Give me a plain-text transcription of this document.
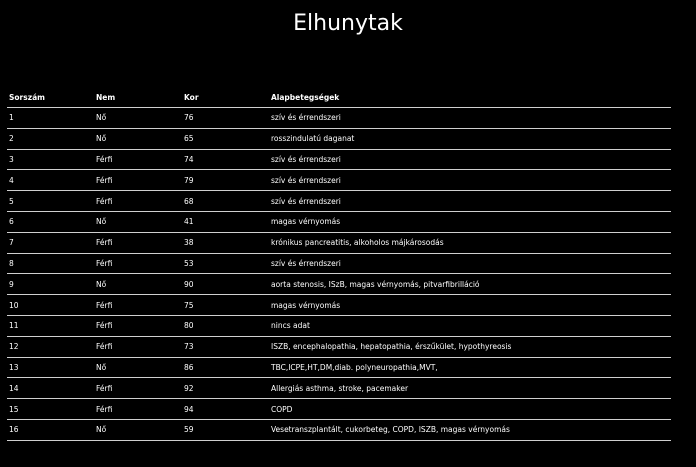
Elhunytak
Sorszám	Nem	Kor	Alapbetegségek
1	Nő	76	szív és érrendszeri
2	Nő	65	rosszindulatú daganat
3	Férfi	74	szív és érrendszeri
4	Férfi	79	szív és érrendszeri
5	Férfi	68	szív és érrendszeri
6	Nő	41	magas vérnyomás
7	Férfi	38	krónikus pancreatitis, alkoholos májkárosodás
8	Férfi	53	szív és érrendszeri
9	Nő	90	aorta stenosis, ISzB, magas vérnyomás, pitvarfibrilláció
10	Férfi	75	magas vérnyomás
11	Férfi	80	nincs adat
12	Férfi	73	ISZB, encephalopathia, hepatopathia, érszűkület, hypothyreosis
13	Nő	86	TBC,ICPE,HT,DM,diab. polyneuropathia,MVT,
14	Férfi	92	Allergiás asthma, stroke, pacemaker
15	Férfi	94	COPD
16	Nő	59	Vesetranszplantált, cukorbeteg, COPD, ISZB, magas vérnyomás
